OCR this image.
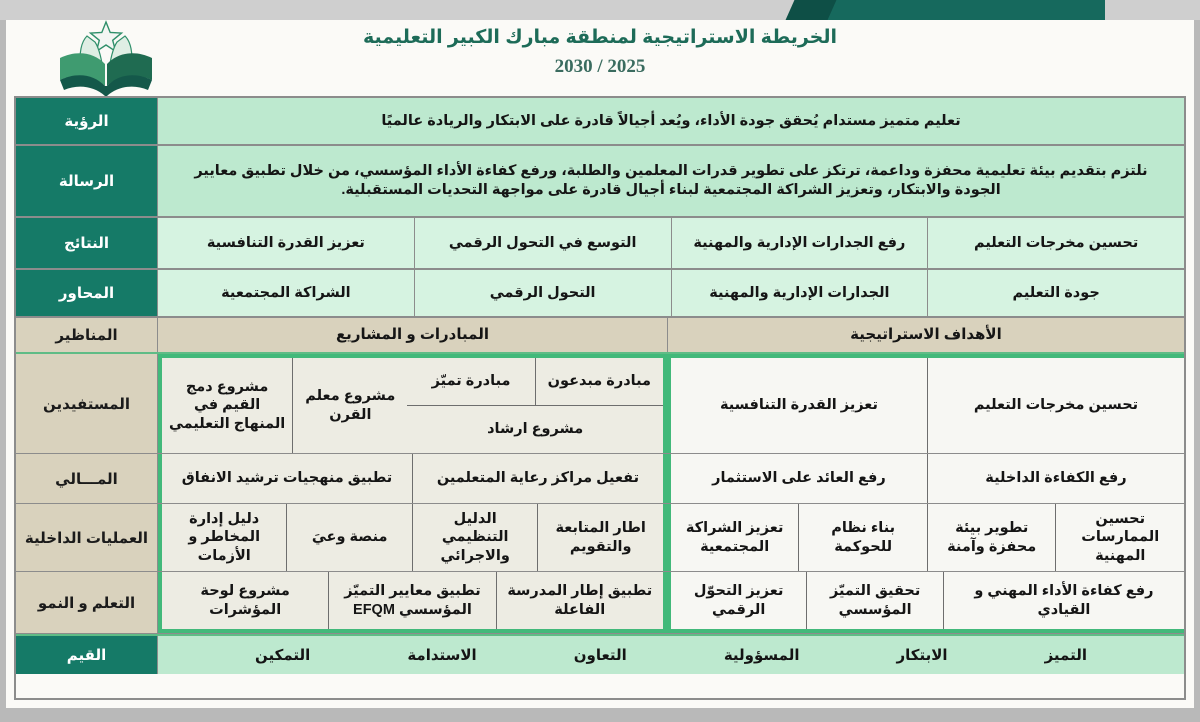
الخريطة الاستراتيجية لمنطقة مبارك الكبير التعليمية
2030 / 2025
تعليم متميز مستدام يُحقق جودة الأداء، ويُعد أجيالاً قادرة على الابتكار والريادة عالميًا
الرؤية
نلتزم بتقديم بيئة تعليمية محفزة وداعمة، ترتكز على تطوير قدرات المعلمين والطلبة، ورفع كفاءة الأداء المؤسسي، من خلال تطبيق معايير الجودة والابتكار، وتعزيز الشراكة المجتمعية لبناء أجيال قادرة على مواجهة التحديات المستقبلية.
الرسالة
تحسين مخرجات التعليم
رفع الجدارات الإدارية والمهنية
التوسع في التحول الرقمي
تعزيز القدرة التنافسية
النتائج
جودة التعليم
الجدارات الإدارية والمهنية
التحول الرقمي
الشراكة المجتمعية
المحاور
الأهداف الاستراتيجية
المبادرات و المشاريع
المناظير
تحسين مخرجات التعليم
تعزيز القدرة التنافسية
مبادرة مبدعون
مبادرة تميّز
مشروع ارشاد
مشروع معلم القرن
مشروع دمج القيم في المنهاج التعليمي
المستفيدين
رفع الكفاءة الداخلية
رفع العائد على الاستثمار
تفعيل مراكز رعاية المتعلمين
تطبيق منهجيات ترشيد الانفاق
المـــالي
تحسين الممارسات المهنية
تطوير بيئة محفزة وآمنة
بناء نظام للحوكمة
تعزيز الشراكة المجتمعية
اطار المتابعة والتقويم
الدليل التنظيمي والاجرائي
منصة وعيَ
دليل إدارة المخاطر و الأزمات
العمليات الداخلية
رفع كفاءة الأداء المهني و القيادي
تحقيق التميّز المؤسسي
تعزيز التحوّل الرقمي
تطبيق إطار المدرسة الفاعلة
تطبيق معايير التميّز المؤسسي EFQM
مشروع لوحة المؤشرات
التعلم و النمو
التميز
الابتكار
المسؤولية
التعاون
الاستدامة
التمكين
القيم
